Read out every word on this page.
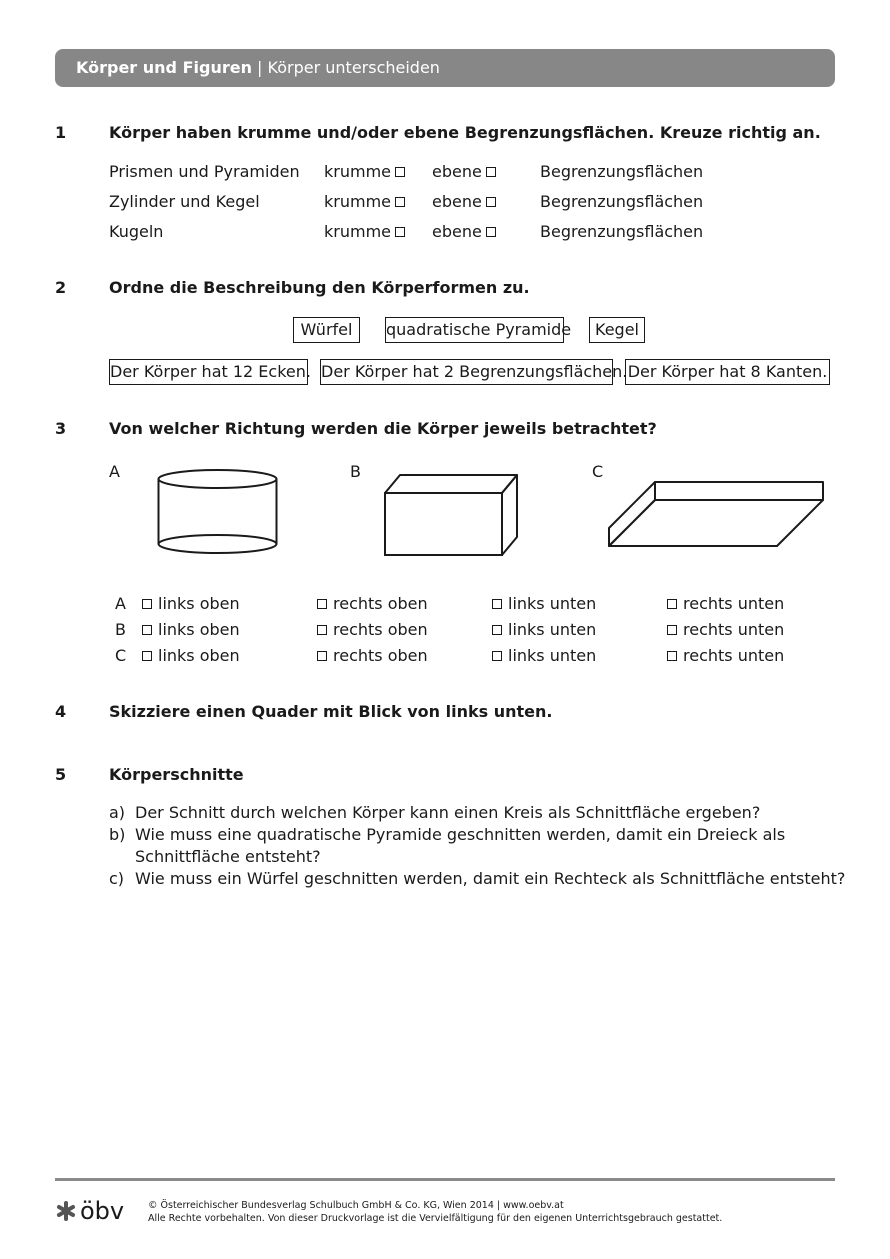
Körper und Figuren | Körper unterscheiden
1	Körper haben krumme und/oder ebene Begrenzungsflächen. Kreuze richtig an.
Prismen und Pyramiden krumme	ebene	Begrenzungsflächen
Zylinder und Kegel	krumme	ebene	Begrenzungsflächen
Kugeln	krumme	ebene	Begrenzungsflächen
2	Ordne die Beschreibung den Körperformen zu.
Würfel	quadratische Pyramide	Kegel
Der Körper hat 12 Ecken. Der Körper hat 2 Begrenzungsflächen. Der Körper hat 8 Kanten.
3	Von welcher Richtung werden die Körper jeweils betrachtet?
A	B	C
A	links oben	rechts oben	links unten	rechts unten
B	links oben	rechts oben	links unten	rechts unten
C	links oben	rechts oben	links unten	rechts unten
4	Skizziere einen Quader mit Blick von links unten.
5	Körperschnitte
a) Der Schnitt durch welchen Körper kann einen Kreis als Schnittfläche ergeben?
b) Wie muss eine quadratische Pyramide geschnitten werden, damit ein Dreieck als
Schnittfläche entsteht?
c) Wie muss ein Würfel geschnitten werden, damit ein Rechteck als Schnittfläche entsteht?
öbv	© Österreichischer Bundesverlag Schulbuch GmbH & Co. KG, Wien 2014 | www.oebv.at
Alle Rechte vorbehalten. Von dieser Druckvorlage ist die Vervielfältigung für den eigenen Unterrichtsgebrauch gestattet.
